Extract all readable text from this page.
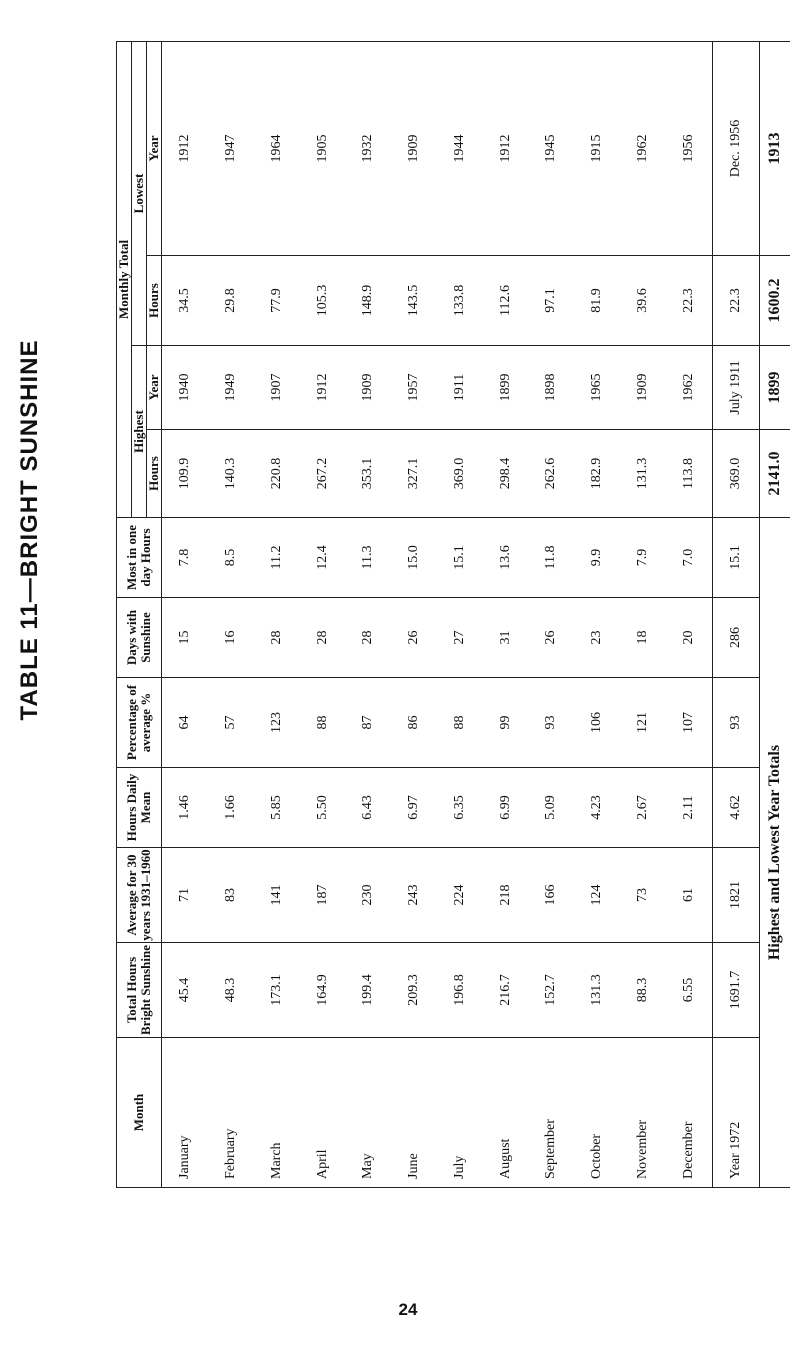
TABLE 11—BRIGHT SUNSHINE
Month	Total Hours Bright Sunshine	Average for 30 years 1931–1960	Hours Daily Mean	Percentage of average %	Days with Sunshine	Most in one day Hours	Monthly Total			
							Highest		Lowest	
							Hours	Year	Hours	Year
January	45.4	71	1.46	64	15	7.8	109.9	1940	34.5	1912
February	48.3	83	1.66	57	16	8.5	140.3	1949	29.8	1947
March	173.1	141	5.85	123	28	11.2	220.8	1907	77.9	1964
April	164.9	187	5.50	88	28	12.4	267.2	1912	105.3	1905
May	199.4	230	6.43	87	28	11.3	353.1	1909	148.9	1932
June	209.3	243	6.97	86	26	15.0	327.1	1957	143.5	1909
July	196.8	224	6.35	88	27	15.1	369.0	1911	133.8	1944
August	216.7	218	6.99	99	31	13.6	298.4	1899	112.6	1912
September	152.7	166	5.09	93	26	11.8	262.6	1898	97.1	1945
October	131.3	124	4.23	106	23	9.9	182.9	1965	81.9	1915
November	88.3	73	2.67	121	18	7.9	131.3	1909	39.6	1962
December	6.55	61	2.11	107	20	7.0	113.8	1962	22.3	1956
Year 1972	1691.7	1821	4.62	93	286	15.1	369.0	July 1911	22.3	Dec. 1956
Highest and Lowest Year Totals							2141.0	1899	1600.2	1913
24
